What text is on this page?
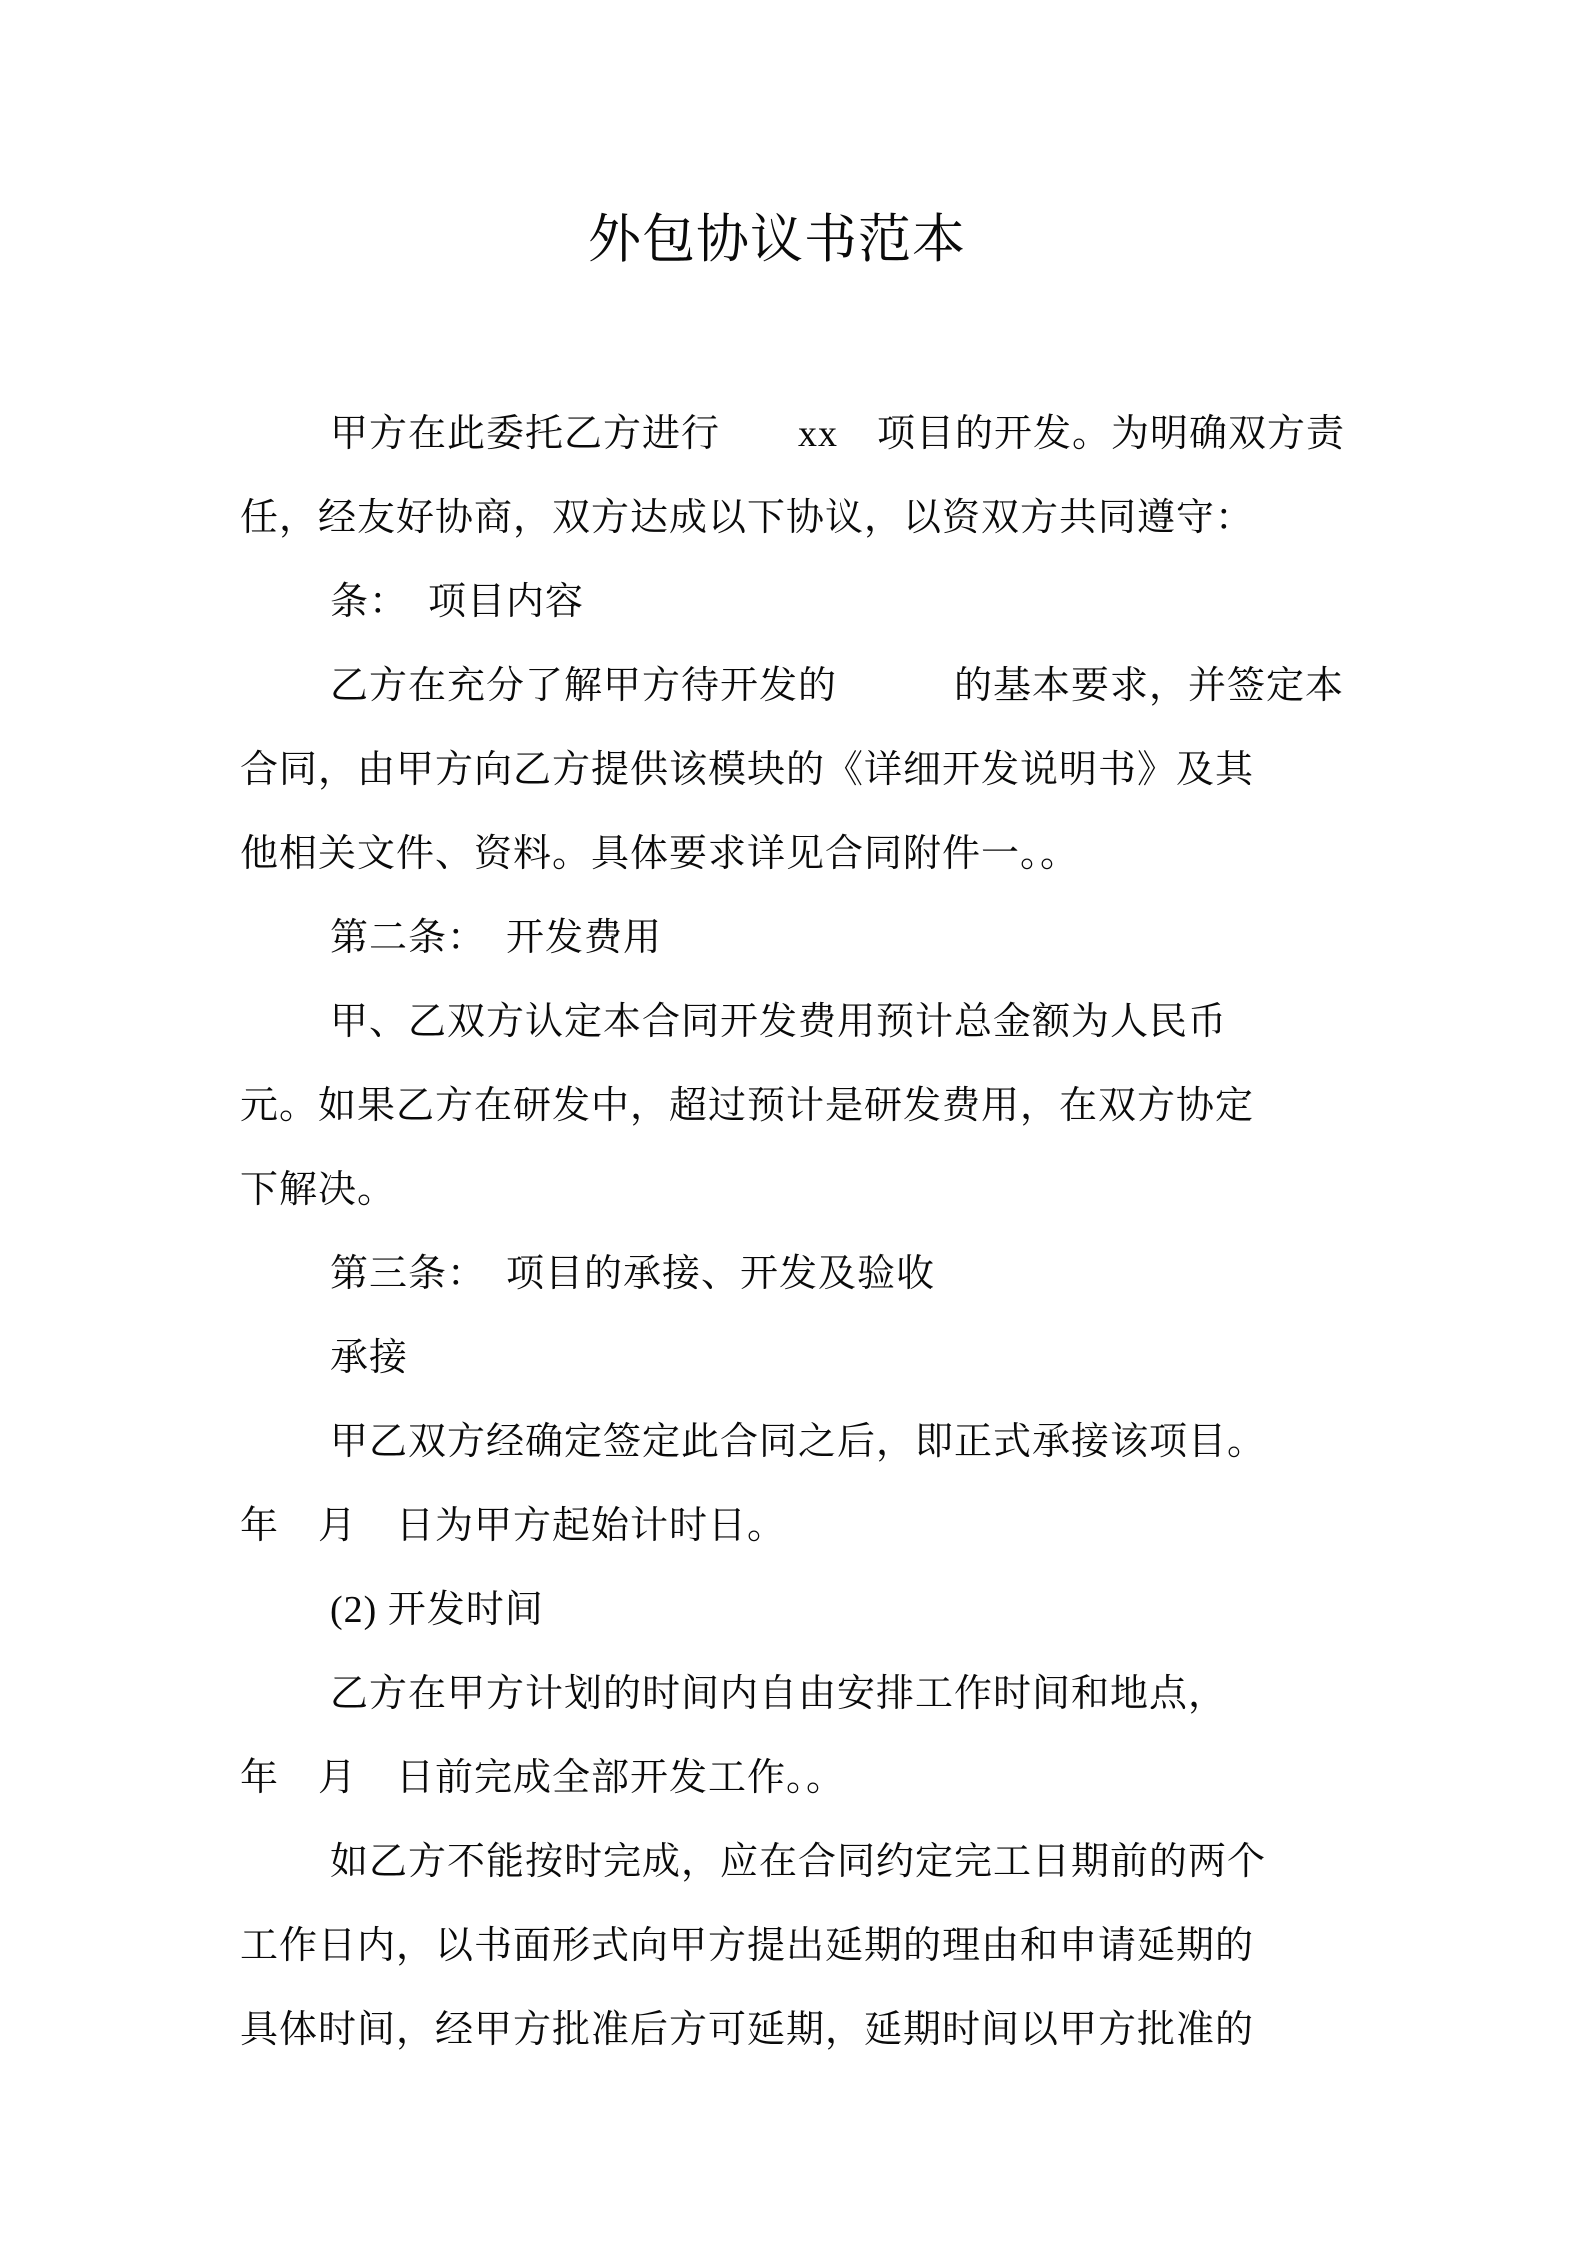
外包协议书范本
甲方在此委托乙方进行　　xx　项目的开发。为明确双方责
任，经友好协商，双方达成以下协议，以资双方共同遵守：
条：　项目内容
乙方在充分了解甲方待开发的　　　的基本要求，并签定本
合同，由甲方向乙方提供该模块的《详细开发说明书》及其
他相关文件、资料。具体要求详见合同附件一。。
第二条：　开发费用
甲、乙双方认定本合同开发费用预计总金额为人民币
元。如果乙方在研发中，超过预计是研发费用，在双方协定
下解决。
第三条：　项目的承接、开发及验收
承接
甲乙双方经确定签定此合同之后，即正式承接该项目。
年　月　日为甲方起始计时日。
(2) 开发时间
乙方在甲方计划的时间内自由安排工作时间和地点，
年　月　日前完成全部开发工作。。
如乙方不能按时完成，应在合同约定完工日期前的两个
工作日内，以书面形式向甲方提出延期的理由和申请延期的
具体时间，经甲方批准后方可延期，延期时间以甲方批准的
